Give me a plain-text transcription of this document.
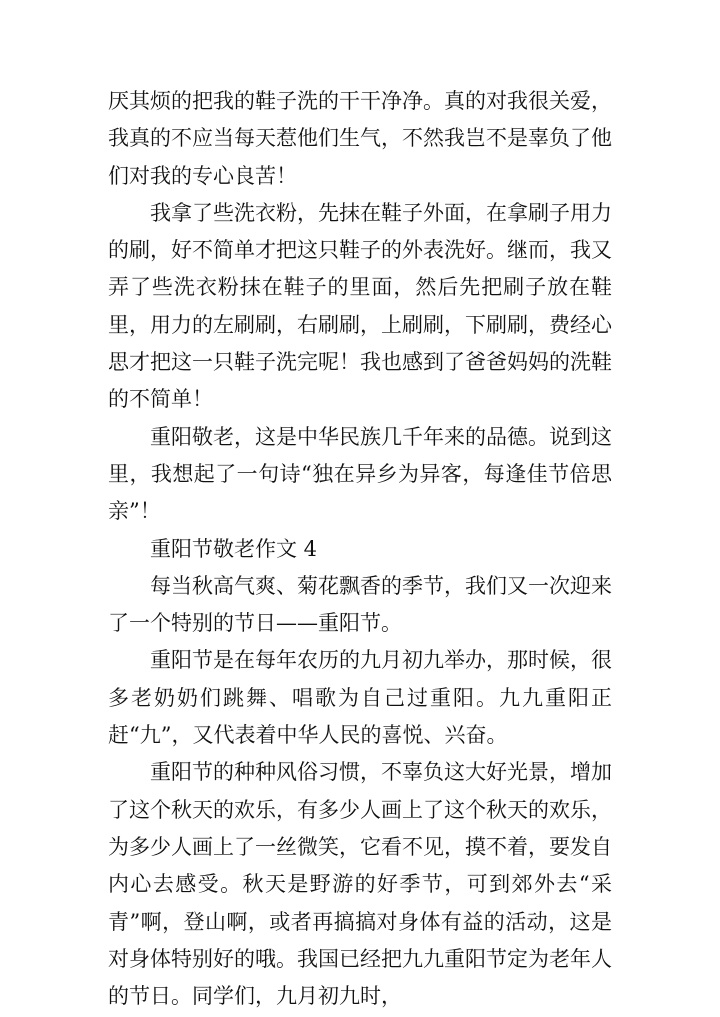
厌其烦的把我的鞋子洗的干干净净。真的对我很关爱，我真的不应当每天惹他们生气，不然我岂不是辜负了他们对我的专心良苦！

我拿了些洗衣粉，先抹在鞋子外面，在拿刷子用力的刷，好不简单才把这只鞋子的外表洗好。继而，我又弄了些洗衣粉抹在鞋子的里面，然后先把刷子放在鞋里，用力的左刷刷，右刷刷，上刷刷，下刷刷，费经心思才把这一只鞋子洗完呢！我也感到了爸爸妈妈的洗鞋的不简单！

重阳敬老，这是中华民族几千年来的品德。说到这里，我想起了一句诗“独在异乡为异客，每逢佳节倍思亲”！

重阳节敬老作文 4

每当秋高气爽、菊花飘香的季节，我们又一次迎来了一个特别的节日——重阳节。

重阳节是在每年农历的九月初九举办，那时候，很多老奶奶们跳舞、唱歌为自己过重阳。九九重阳正赶“九”，又代表着中华人民的喜悦、兴奋。

重阳节的种种风俗习惯，不辜负这大好光景，增加了这个秋天的欢乐，有多少人画上了这个秋天的欢乐，为多少人画上了一丝微笑，它看不见，摸不着，要发自内心去感受。秋天是野游的好季节，可到郊外去“采青”啊，登山啊，或者再搞搞对身体有益的活动，这是对身体特别好的哦。我国已经把九九重阳节定为老年人的节日。同学们，九月初九时，
